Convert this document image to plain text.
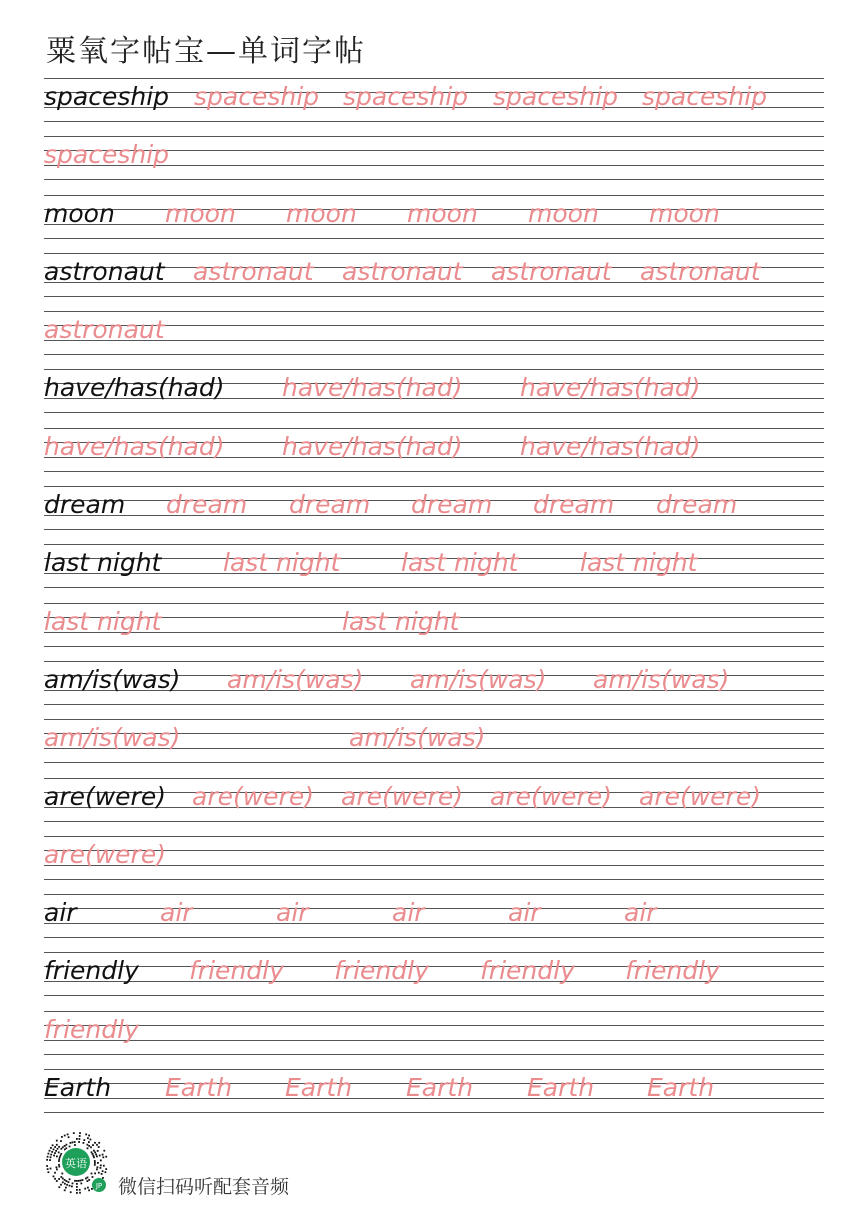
粟氧字帖宝—单词字帖
spaceship spaceship spaceship spaceship spaceship
spaceship
moon moon moon moon moon moon
astronaut astronaut astronaut astronaut astronaut
astronaut
have/has(had) have/has(had) have/has(had)
have/has(had) have/has(had) have/has(had)
dream dream dream dream dream dream
last night last night last night last night
last night	last night
am/is(was) am/is(was) am/is(was) am/is(was)
am/is(was)	am/is(was)
are(were) are(were) are(were) are(were) are(were)
are(were)
air	air	air	air	air	air
friendly friendly friendly friendly friendly
friendly
Earth Earth Earth Earth Earth Earth
英语
JP 微信扫码听配套音频
